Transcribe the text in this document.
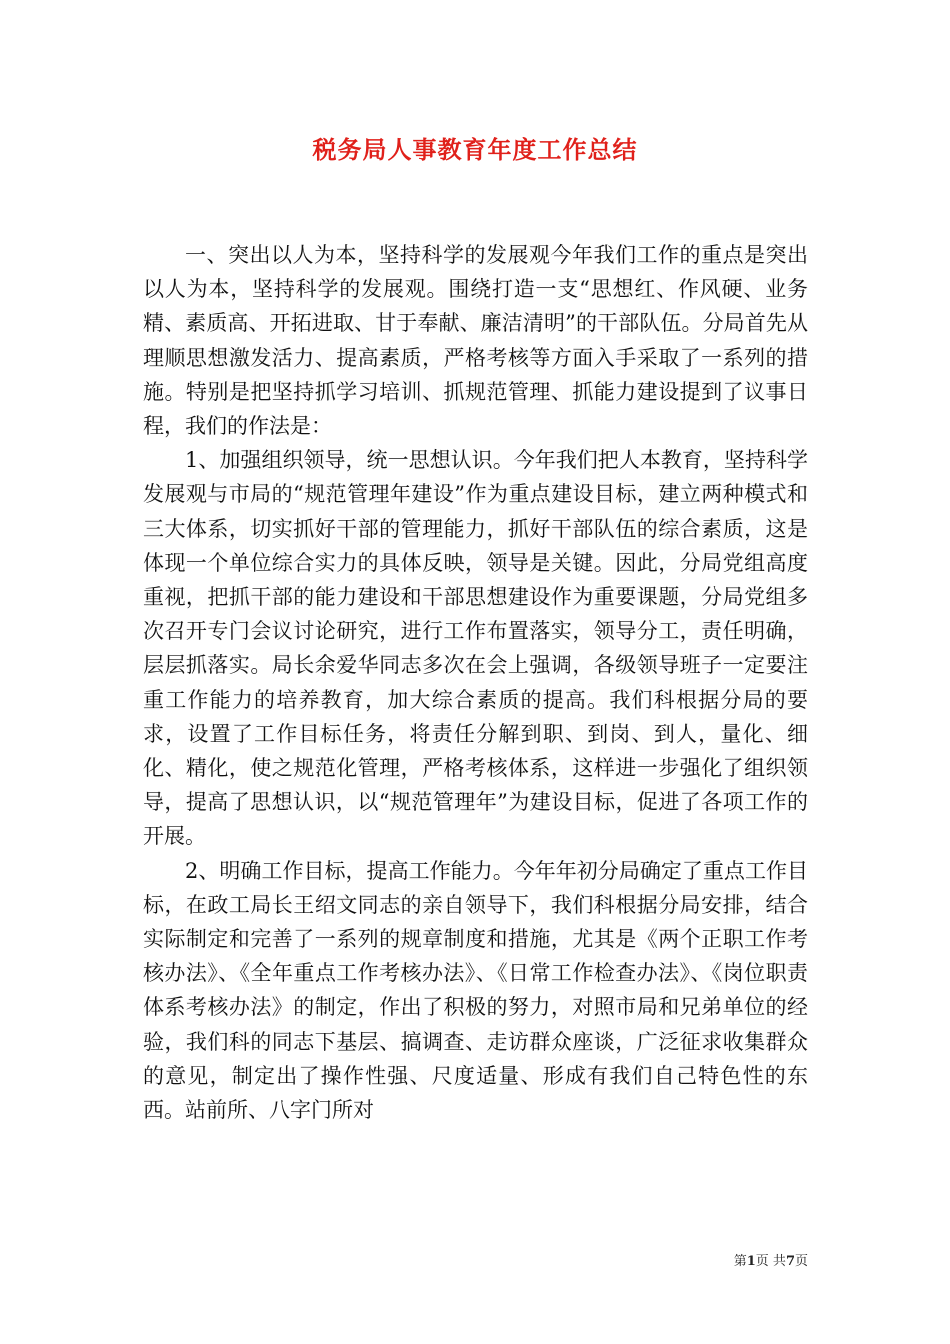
税务局人事教育年度工作总结

一、突出以人为本，坚持科学的发展观今年我们工作的重点是突出以人为本，坚持科学的发展观。围绕打造一支“思想红、作风硬、业务精、素质高、开拓进取、甘于奉献、廉洁清明”的干部队伍。分局首先从理顺思想激发活力、提高素质，严格考核等方面入手采取了一系列的措施。特别是把坚持抓学习培训、抓规范管理、抓能力建设提到了议事日程，我们的作法是：

1、加强组织领导，统一思想认识。今年我们把人本教育，坚持科学发展观与市局的“规范管理年建设”作为重点建设目标，建立两种模式和三大体系，切实抓好干部的管理能力，抓好干部队伍的综合素质，这是体现一个单位综合实力的具体反映，领导是关键。因此，分局党组高度重视，把抓干部的能力建设和干部思想建设作为重要课题，分局党组多次召开专门会议讨论研究，进行工作布置落实，领导分工，责任明确，层层抓落实。局长余爱华同志多次在会上强调，各级领导班子一定要注重工作能力的培养教育，加大综合素质的提高。我们科根据分局的要求，设置了工作目标任务，将责任分解到职、到岗、到人，量化、细化、精化，使之规范化管理，严格考核体系，这样进一步强化了组织领导，提高了思想认识，以“规范管理年”为建设目标，促进了各项工作的开展。

2、明确工作目标，提高工作能力。今年年初分局确定了重点工作目标，在政工局长王绍文同志的亲自领导下，我们科根据分局安排，结合实际制定和完善了一系列的规章制度和措施，尤其是《两个正职工作考核办法》、《全年重点工作考核办法》、《日常工作检查办法》、《岗位职责体系考核办法》的制定，作出了积极的努力，对照市局和兄弟单位的经验，我们科的同志下基层、搞调查、走访群众座谈，广泛征求收集群众的意见，制定出了操作性强、尺度适量、形成有我们自己特色性的东西。站前所、八字门所对

第1页 共7页
